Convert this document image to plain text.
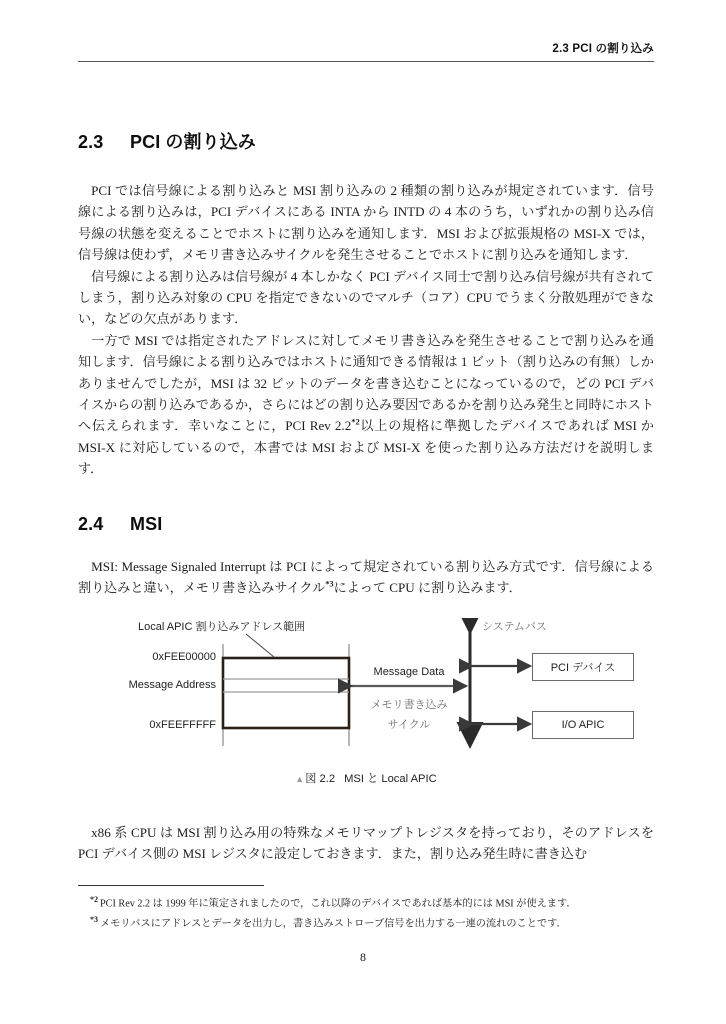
2.3 PCI の割り込み
2.3 PCI の割り込み

PCI では信号線による割り込みと MSI 割り込みの 2 種類の割り込みが規定されています．信号線による割り込みは，PCI デバイスにある INTA から INTD の 4 本のうち，いずれかの割り込み信号線の状態を変えることでホストに割り込みを通知します．MSI および拡張規格の MSI-X では，信号線は使わず，メモリ書き込みサイクルを発生させることでホストに割り込みを通知します．

信号線による割り込みは信号線が 4 本しかなく PCI デバイス同士で割り込み信号線が共有されてしまう，割り込み対象の CPU を指定できないのでマルチ（コア）CPU でうまく分散処理ができない，などの欠点があります．

一方で MSI では指定されたアドレスに対してメモリ書き込みを発生させることで割り込みを通知します．信号線による割り込みではホストに通知できる情報は 1 ビット（割り込みの有無）しかありませんでしたが，MSI は 32 ビットのデータを書き込むことになっているので，どの PCI デバイスからの割り込みであるか，さらにはどの割り込み要因であるかを割り込み発生と同時にホストへ伝えられます．幸いなことに，PCI Rev 2.2$^{*2}$以上の規格に準拠したデバイスであれば MSI か MSI-X に対応しているので，本書では MSI および MSI-X を使った割り込み方法だけを説明します．

2.4 MSI

MSI: Message Signaled Interrupt は PCI によって規定されている割り込み方式です．信号線による割り込みと違い，メモリ書き込みサイクル$^{*3}$によって CPU に割り込みます．

Local APIC 割り込みアドレス範囲
0xFEE00000
Message Address
0xFEEFFFFF
Message Data
メモリ書き込み
サイクル
システムバス
PCI デバイス
I/O APIC
▲図 2.2 MSI と Local APIC

x86 系 CPU は MSI 割り込み用の特殊なメモリマップトレジスタを持っており，そのアドレスを PCI デバイス側の MSI レジスタに設定しておきます．また，割り込み発生時に書き込む

$^{*2}$ PCI Rev 2.2 は 1999 年に策定されましたので，これ以降のデバイスであれば基本的には MSI が使えます．

$^{*3}$ メモリバスにアドレスとデータを出力し，書き込みストローブ信号を出力する一連の流れのことです．

8
